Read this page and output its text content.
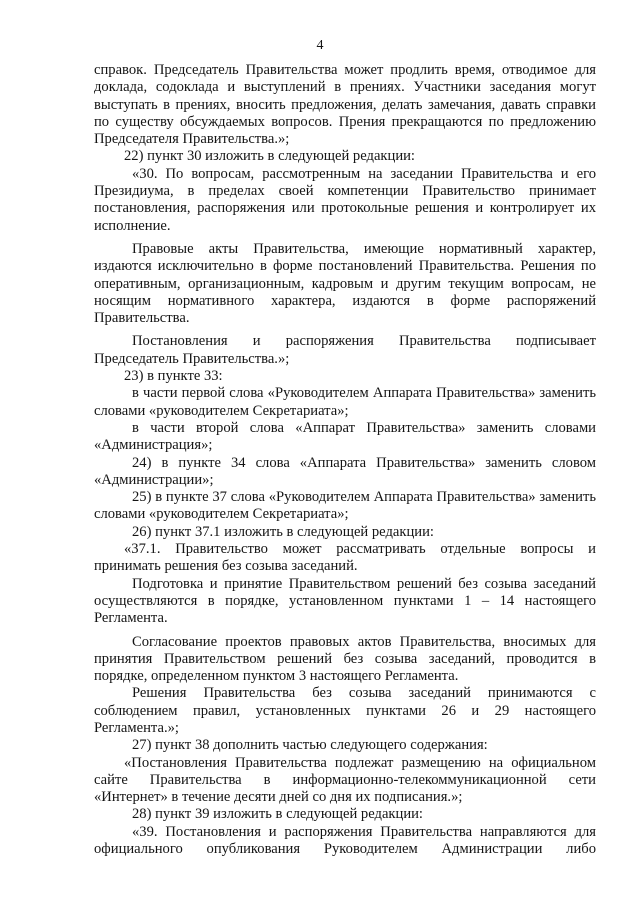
4

справок. Председатель Правительства может продлить время, отводимое для доклада, содоклада и выступлений в прениях. Участники заседания могут выступать в прениях, вносить предложения, делать замечания, давать справки по существу обсуждаемых вопросов. Прения прекращаются по предложению Председателя Правительства.»;

22) пункт 30 изложить в следующей редакции:

«30. По вопросам, рассмотренным на заседании Правительства и его Президиума, в пределах своей компетенции Правительство принимает постановления, распоряжения или протокольные решения и контролирует их исполнение.

Правовые акты Правительства, имеющие нормативный характер, издаются исключительно в форме постановлений Правительства. Решения по оперативным, организационным, кадровым и другим текущим вопросам, не носящим нормативного характера, издаются в форме распоряжений Правительства.

Постановления и распоряжения Правительства подписывает Председатель Правительства.»;

23) в пункте 33:

в части первой слова «Руководителем Аппарата Правительства» заменить словами «руководителем Секретариата»;

в части второй слова «Аппарат Правительства» заменить словами «Администрация»;

24) в пункте 34 слова «Аппарата Правительства» заменить словом «Администрации»;

25) в пункте 37 слова «Руководителем Аппарата Правительства» заменить словами «руководителем Секретариата»;

26) пункт 37.1 изложить в следующей редакции:

«37.1. Правительство может рассматривать отдельные вопросы и принимать решения без созыва заседаний.

Подготовка и принятие Правительством решений без созыва заседаний осуществляются в порядке, установленном пунктами 1 – 14 настоящего Регламента.

Согласование проектов правовых актов Правительства, вносимых для принятия Правительством решений без созыва заседаний, проводится в порядке, определенном пунктом 3 настоящего Регламента.

Решения Правительства без созыва заседаний принимаются с соблюдением правил, установленных пунктами 26 и 29 настоящего Регламента.»;

27) пункт 38 дополнить частью следующего содержания:

«Постановления Правительства подлежат размещению на официальном сайте Правительства в информационно-телекоммуникационной сети «Интернет» в течение десяти дней со дня их подписания.»;

28) пункт 39 изложить в следующей редакции:

«39. Постановления и распоряжения Правительства направляются для официального опубликования Руководителем Администрации либо
